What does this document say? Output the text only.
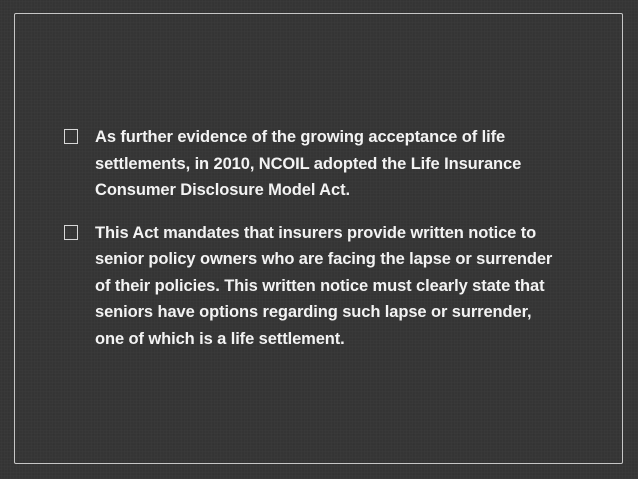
As further evidence of the growing acceptance of life settlements, in 2010, NCOIL adopted the Life Insurance Consumer Disclosure Model Act.
This Act mandates that insurers provide written notice to senior policy owners who are facing the lapse or surrender of their policies. This written notice must clearly state that seniors have options regarding such lapse or surrender, one of which is a life settlement.
